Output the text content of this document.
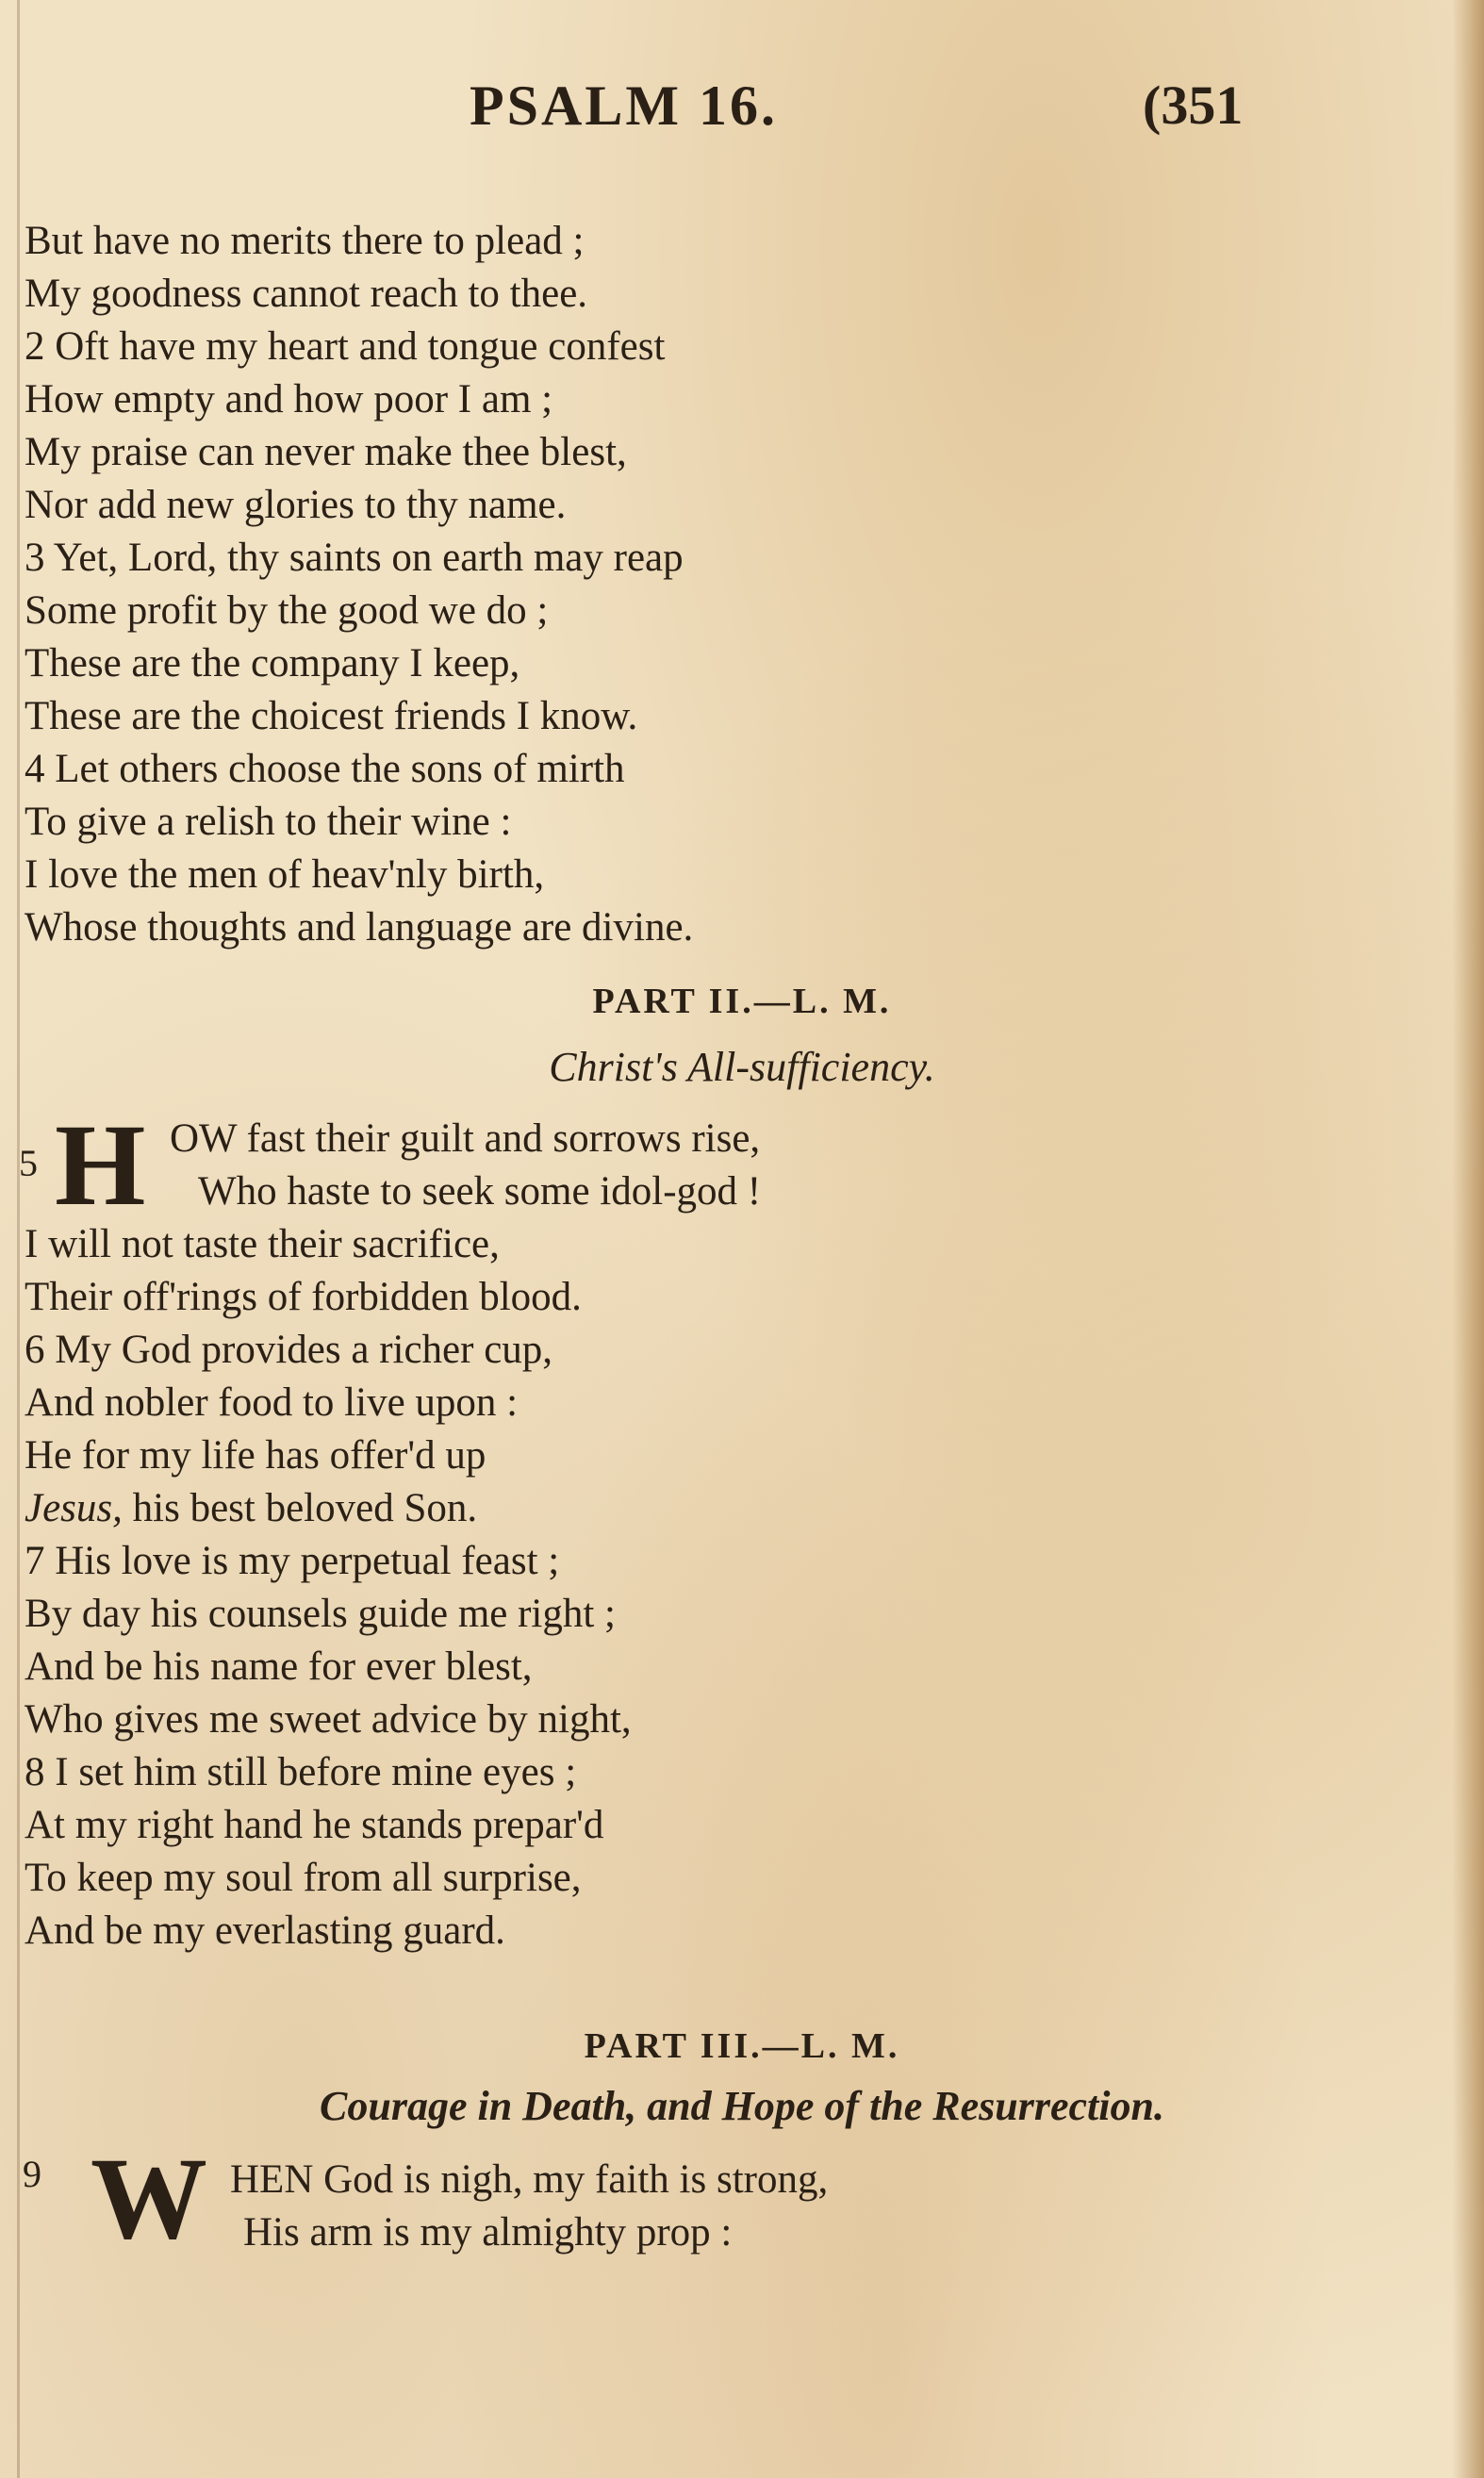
PSALM 16.	(351
But have no merits there to plead ;
My goodness cannot reach to thee.
2 Oft have my heart and tongue confest
How empty and how poor I am ;
My praise can never make thee blest,
Nor add new glories to thy name.
3 Yet, Lord, thy saints on earth may reap
Some profit by the good we do ;
These are the company I keep,
These are the choicest friends I know.
4 Let others choose the sons of mirth
To give a relish to their wine :
I love the men of heav'nly birth,
Whose thoughts and language are divine.
PART II.—L. M.
Christ's All-sufficiency.
5 H OW fast their guilt and sorrows rise,
Who haste to seek some idol-god !
I will not taste their sacrifice,
Their off'rings of forbidden blood.
6 My God provides a richer cup,
And nobler food to live upon :
He for my life has offer'd up
Jesus, his best beloved Son.
7 His love is my perpetual feast ;
By day his counsels guide me right ;
And be his name for ever blest,
Who gives me sweet advice by night,
8 I set him still before mine eyes ;
At my right hand he stands prepar'd
To keep my soul from all surprise,
And be my everlasting guard.
PART III.—L. M.
Courage in Death, and Hope of the Resurrection.
9 W HEN God is nigh, my faith is strong,
His arm is my almighty prop :
